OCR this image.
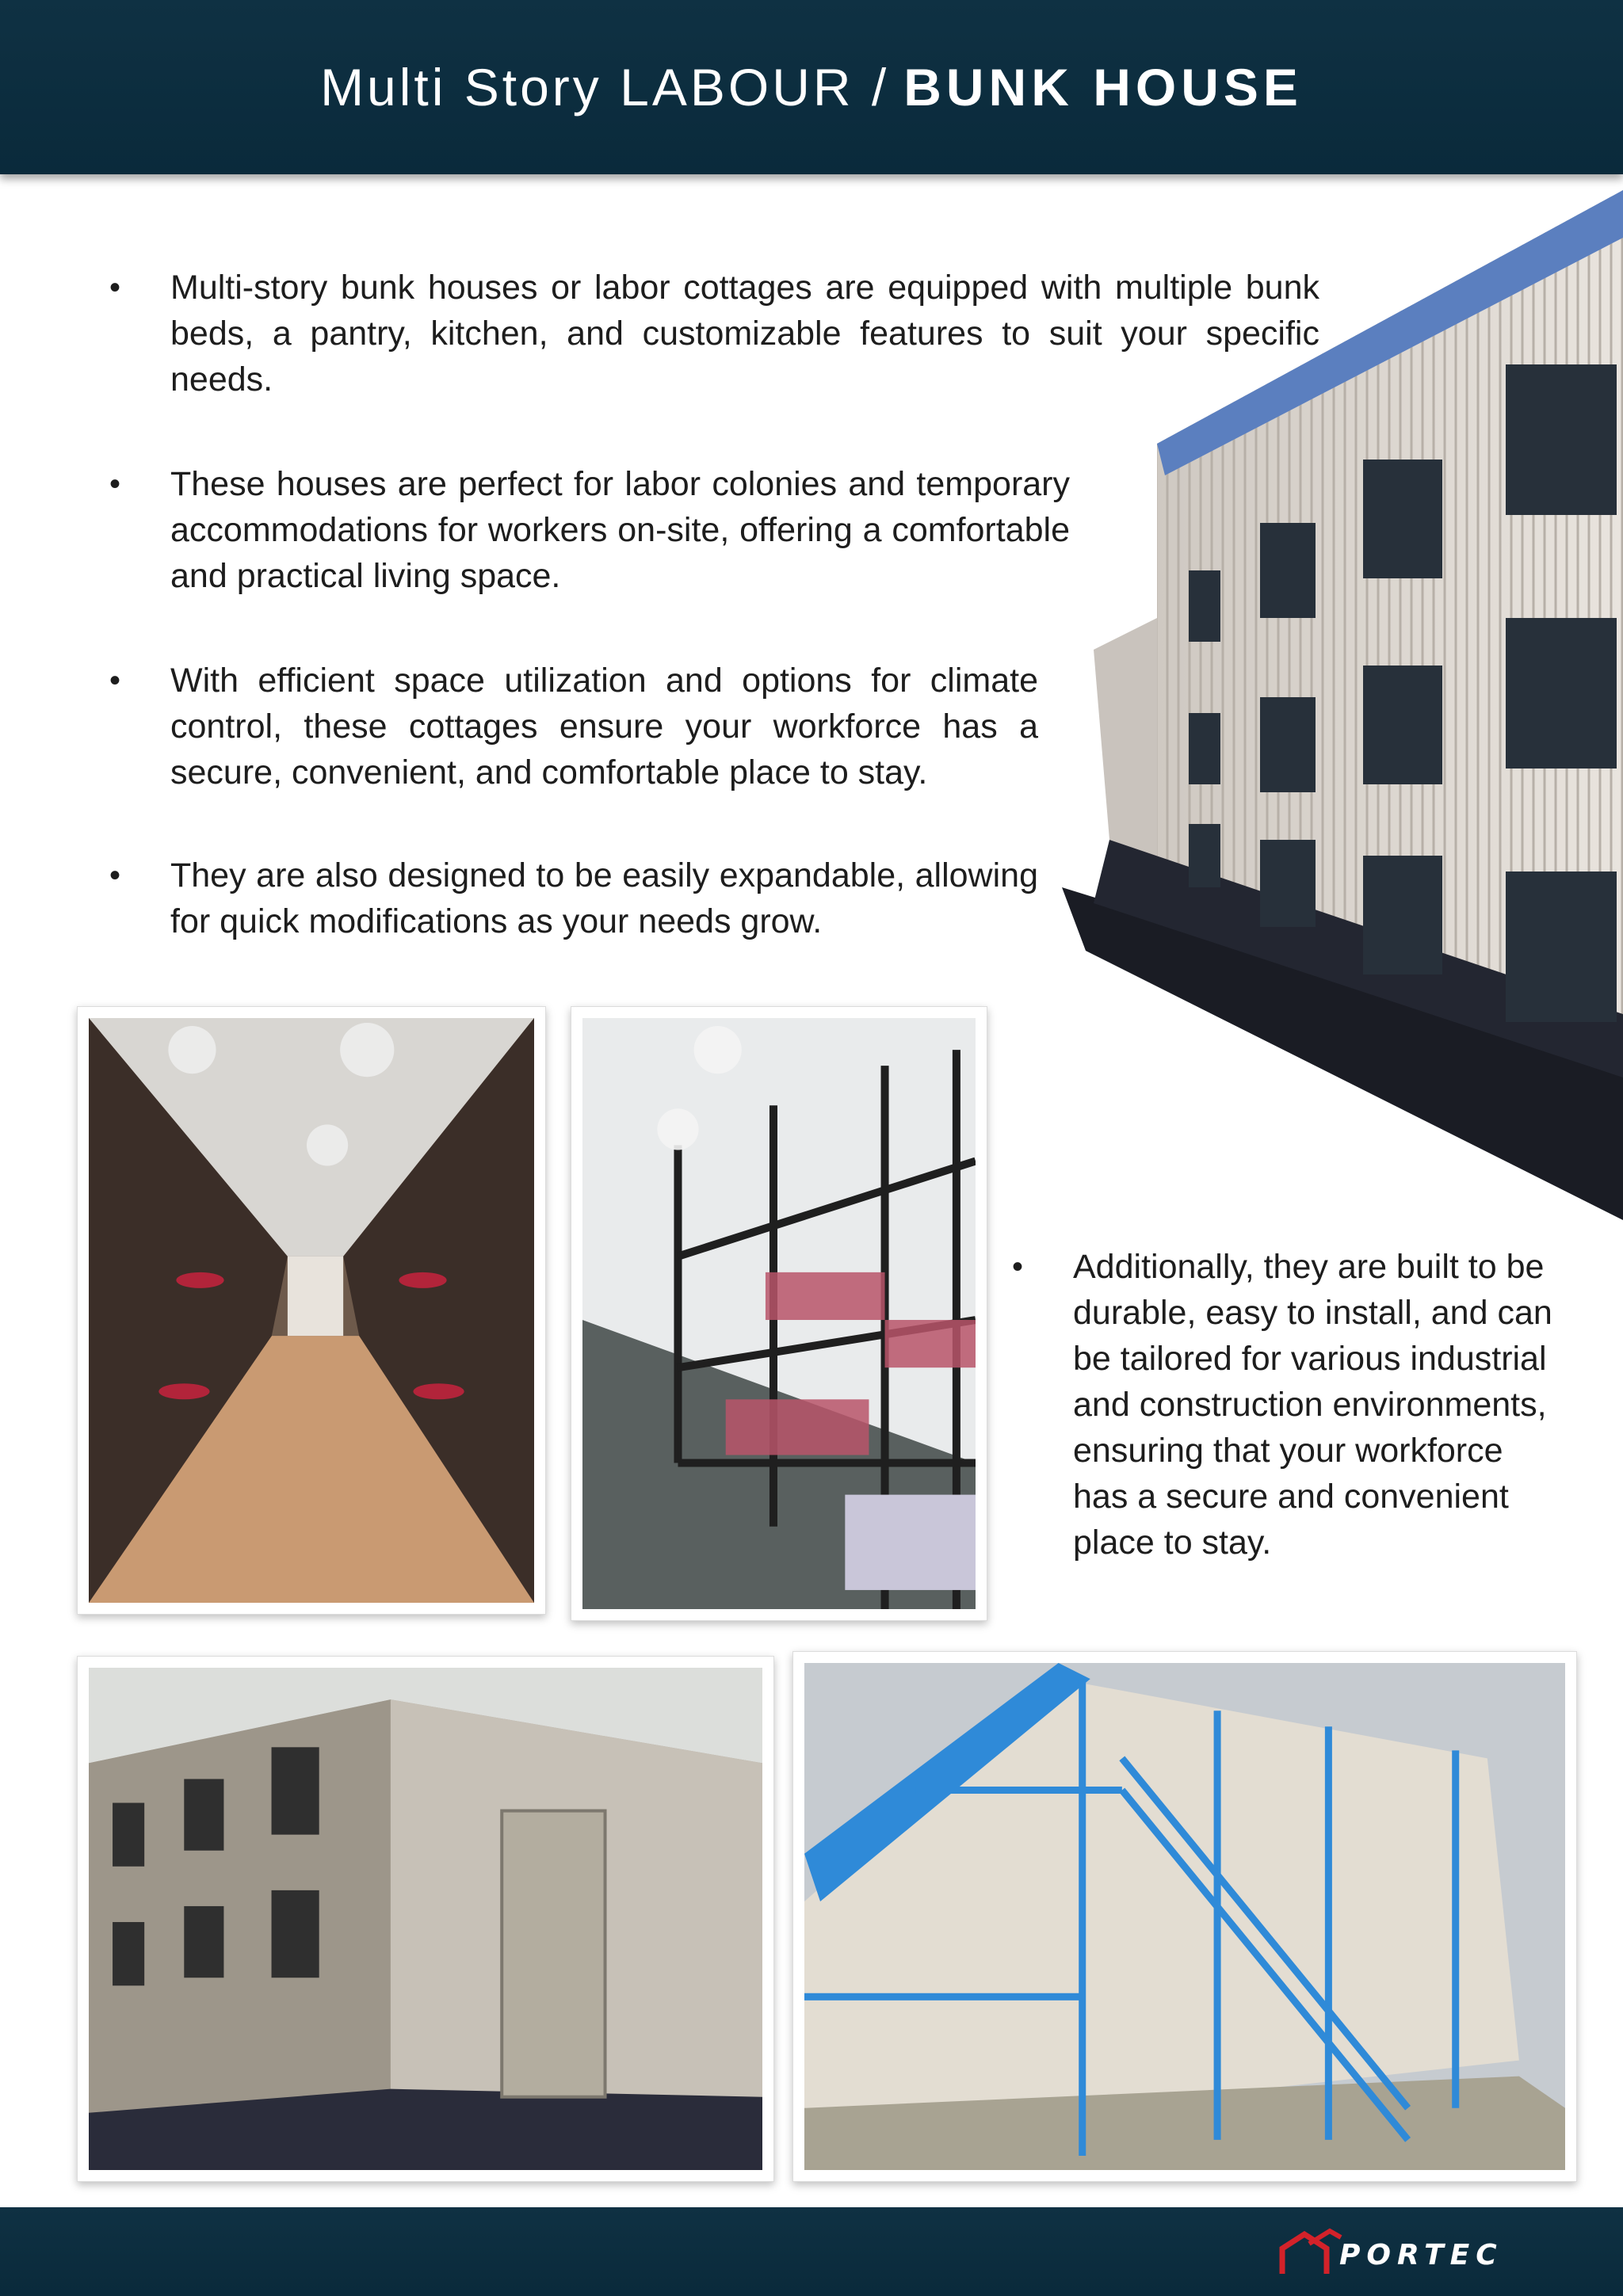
Multi Story LABOUR / BUNK HOUSE
• Multi-story bunk houses or labor cottages are equipped with multiple bunk beds, a pantry, kitchen, and customizable features to suit your specific needs.
• These houses are perfect for labor colonies and temporary accommodations for workers on-site, offering a comfortable and practical living space.
• With efficient space utilization and options for climate control, these cottages ensure your workforce has a secure, convenient, and comfortable place to stay.
• They are also designed to be easily expandable, allowing for quick modifications as your needs grow.
• Additionally, they are built to be durable, easy to install, and can be tailored for various industrial and construction environments, ensuring that your workforce has a secure and convenient place to stay.
PORTEC
